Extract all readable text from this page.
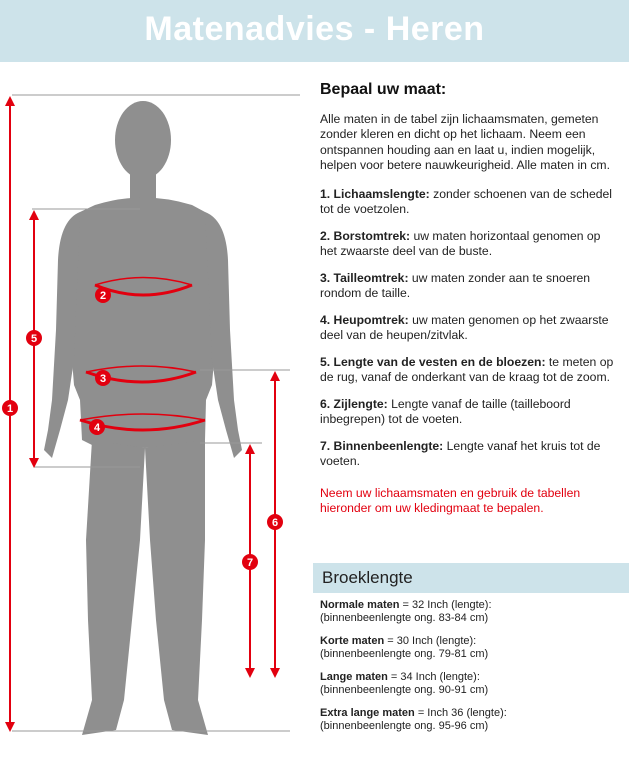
Matenadvies - Heren
1
2
3
4
5
6
7
Bepaal uw maat:
Alle maten in de tabel zijn lichaamsmaten, gemeten zonder kleren en dicht op het lichaam. Neem een ontspannen houding aan en laat u, indien mogelijk, helpen voor betere nauwkeurigheid. Alle maten in cm.
1. Lichaamslengte: zonder schoenen van de schedel tot de voetzolen.
2. Borstomtrek: uw maten horizontaal genomen op het zwaarste deel van de buste.
3. Tailleomtrek: uw maten zonder aan te snoeren rondom de taille.
4. Heupomtrek: uw maten genomen op het zwaarste deel van de heupen/zitvlak.
5. Lengte van de vesten en de bloezen: te meten op de rug, vanaf de onderkant van de kraag tot de zoom.
6. Zijlengte: Lengte vanaf de taille (tailleboord inbegrepen) tot de voeten.
7. Binnenbeenlengte: Lengte vanaf het kruis tot de voeten.
Neem uw lichaamsmaten en gebruik de tabellen hieronder om uw kledingmaat te bepalen.
Broeklengte
Normale maten = 32 Inch (lengte):
(binnenbeenlengte ong. 83-84 cm)
Korte maten = 30 Inch (lengte):
(binnenbeenlengte ong. 79-81 cm)
Lange maten = 34 Inch (lengte):
(binnenbeenlengte ong. 90-91 cm)
Extra lange maten = Inch 36 (lengte):
(binnenbeenlengte ong. 95-96 cm)
